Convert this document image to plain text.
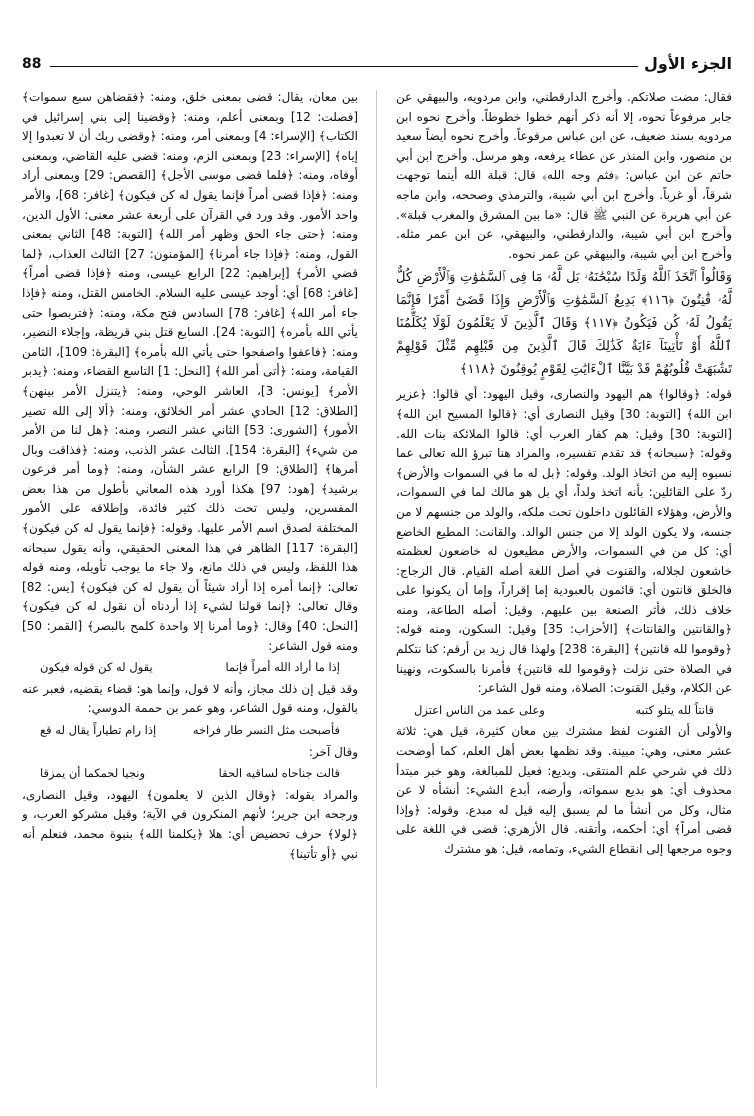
88	الجزء الأول

فقال: مضت صلاتكم. وأخرج الدارقطني، وابن مردويه، والبيهقي عن جابر مرفوعاً نحوه، إلا أنه ذكر أنهم خطوا خطوطاً. وأخرج نحوه ابن مردويه بسند ضعيف، عن ابن عباس مرفوعاً. وأخرج نحوه أيضاً سعيد بن منصور، وابن المنذر عن عطاء يرفعه، وهو مرسل. وأخرج ابن أبي حاتم عن ابن عباس: ﴿فثم وجه الله﴾ قال: قبلة الله أينما توجهت شرقاً، أو غرباً. وأخرج ابن أبي شيبة، والترمذي وصححه، وابن ماجه عن أبي هريرة عن النبي ﷺ قال: «ما بين المشرق والمغرب قبلة». وأخرج ابن أبي شيبة، والدارقطني، والبيهقي، عن ابن عمر مثله. وأخرج ابن أبي شيبة، والبيهقي عن عمر نحوه.

وَقَالُواْ ٱتَّخَذَ ٱللَّهُ وَلَدًا سُبْحَٰنَهُۥ بَل لَّهُۥ مَا فِى ٱلسَّمَٰوَٰتِ وَٱلْأَرْضِ كُلٌّ لَّهُۥ قَٰنِتُونَ ﴿١١٦﴾ بَدِيعُ ٱلسَّمَٰوَٰتِ وَٱلْأَرْضِ وَإِذَا قَضَىٰٓ أَمْرًا فَإِنَّمَا يَقُولُ لَهُۥ كُن فَيَكُونُ ﴿١١٧﴾ وَقَالَ ٱلَّذِينَ لَا يَعْلَمُونَ لَوْلَا يُكَلِّمُنَا ٱللَّهُ أَوْ تَأْتِينَآ ءَايَةٌ كَذَٰلِكَ قَالَ ٱلَّذِينَ مِن قَبْلِهِم مِّثْلَ قَوْلِهِمْ تَشَٰبَهَتْ قُلُوبُهُمْ قَدْ بَيَّنَّا ٱلْءَايَٰتِ لِقَوْمٍ يُوقِنُونَ ﴿١١٨﴾

قوله: ﴿وقالوا﴾ هم اليهود والنصارى، وقيل اليهود: أي قالوا: ﴿عزير ابن الله﴾ [التوبة: 30] وقيل النصارى أي: ﴿قالوا المسيح ابن الله﴾ [التوبة: 30] وقيل: هم كفار العرب أي: قالوا الملائكة بنات الله. وقوله: ﴿سبحانه﴾ قد تقدم تفسيره، والمراد هنا تبرؤ الله تعالى عما نسبوه إليه من اتخاذ الولد. وقوله: ﴿بل له ما في السموات والأرض﴾ ردّ على القائلين: بأنه اتخذ ولداً، أي بل هو مالك لما في السموات، والأرض، وهؤلاء القائلون داخلون تحت ملكه، والولد من جنسهم لا من جنسه، ولا يكون الولد إلا من جنس الوالد. والقانت: المطيع الخاضع أي: كل من في السموات، والأرض مطيعون له خاضعون لعظمته خاشعون لجلاله، والقنوت في أصل اللغة أصله القيام. قال الزجاج: فالخلق قانتون أي: قائمون بالعبودية إما إقراراً، وإما أن يكونوا على خلاف ذلك، فأثر الصنعة بين عليهم. وقيل: أصله الطاعة، ومنه ﴿والقانتين والقانتات﴾ [الأحزاب: 35] وقيل: السكون، ومنه قوله: ﴿وقوموا لله قانتين﴾ [البقرة: 238] ولهذا قال زيد بن أرقم: كنا نتكلم في الصلاة حتى نزلت ﴿وقوموا لله قانتين﴾ فأمرنا بالسكوت، ونهينا عن الكلام، وقيل القنوت: الصلاة، ومنه قول الشاعر:

قانتاً لله يتلو كتبه
وعلى عمد من الناس اعتزل

والأولى أن القنوت لفظ مشترك بين معان كثيرة، قيل هي: ثلاثة عشر معنى، وهي: مبينة. وقد نظمها بعض أهل العلم، كما أوضحت ذلك في شرحي علم المنتقى. وبديع: فعيل للمبالغة، وهو خبر مبتدأ محذوف أي: هو بديع سمواته، وأرضه، أبدع الشيء: أنشأه لا عن مثال، وكل من أنشأ ما لم يسبق إليه قيل له مبدع. وقوله: ﴿وإذا قضى أمراً﴾ أي: أحكمه، وأتقنه. قال الأزهري: قضى في اللغة على وجوه مرجعها إلى انقطاع الشيء، وتمامه، قيل: هو مشترك

بين معان، يقال: قضى بمعنى خلق، ومنه: ﴿فقضاهن سبع سموات﴾ [فصلت: 12] وبمعنى أعلم، ومنه: ﴿وقضينا إلى بني إسرائيل في الكتاب﴾ [الإسراء: 4] وبمعنى أمر، ومنه: ﴿وقضى ربك أن لا تعبدوا إلا إياه﴾ [الإسراء: 23] وبمعنى الزم، ومنه: قضى عليه القاضي، وبمعنى أوفاه، ومنه: ﴿فلما قضى موسى الأجل﴾ [القصص: 29] وبمعنى أراد ومنه: ﴿فإذا قضى أمراً فإنما يقول له كن فيكون﴾ [غافر: 68]، والأمر واحد الأمور. وقد ورد في القرآن على أربعة عشر معنى: الأول الدين، ومنه: ﴿حتى جاء الحق وظهر أمر الله﴾ [التوبة: 48] الثاني بمعنى القول، ومنه: ﴿فإذا جاء أمرنا﴾ [المؤمنون: 27] الثالث العذاب، ﴿لما قضي الأمر﴾ [إبراهيم: 22] الرابع عيسى، ومنه ﴿فإذا قضى أمراً﴾ [غافر: 68] أي: أوجد عيسى عليه السلام. الخامس القتل، ومنه ﴿فإذا جاء أمر الله﴾ [غافر: 78] السادس فتح مكة، ومنه: ﴿فتربصوا حتى يأتي الله بأمره﴾ [التوبة: 24]. السابع قتل بني قريظة، وإجلاء النضير، ومنه: ﴿فاعفوا واصفحوا حتى يأتي الله بأمره﴾ [البقرة: 109]، الثامن القيامة، ومنه: ﴿أتى أمر الله﴾ [النحل: 1] التاسع القضاء، ومنه: ﴿يدبر الأمر﴾ [يونس: 3]، العاشر الوحي، ومنه: ﴿يتنزل الأمر بينهن﴾ [الطلاق: 12] الحادي عشر أمر الخلائق، ومنه: ﴿ألا إلى الله تصير الأمور﴾ [الشورى: 53] الثاني عشر النصر، ومنه: ﴿هل لنا من الأمر من شيء﴾ [البقرة: 154]. الثالث عشر الذنب، ومنه: ﴿فذاقت وبال أمرها﴾ [الطلاق: 9] الرابع عشر الشأن، ومنه: ﴿وما أمر فرعون برشيد﴾ [هود: 97] هكذا أورد هذه المعاني بأطول من هذا بعض المفسرين، وليس تحت ذلك كثير فائدة، وإطلاقه على الأمور المختلفة لصدق اسم الأمر عليها. وقوله: ﴿فإنما يقول له كن فيكون﴾ [البقرة: 117] الظاهر في هذا المعنى الحقيقي، وأنه يقول سبحانه هذا اللفظ، وليس في ذلك مانع، ولا جاء ما يوجب تأويله، ومنه قوله تعالى: ﴿إنما أمره إذا أراد شيئاً أن يقول له كن فيكون﴾ [يس: 82] وقال تعالى: ﴿إنما قولنا لشيء إذا أردناه أن نقول له كن فيكون﴾ [النحل: 40] وقال: ﴿وما أمرنا إلا واحدة كلمح بالبصر﴾ [القمر: 50] ومنه قول الشاعر:

إذا ما أراد الله أمراً فإنما
يقول له كن قوله فيكون

وقد قيل إن ذلك مجاز، وأنه لا قول، وإنما هو: قضاء يقضيه، فعبر عنه بالقول، ومنه قول الشاعر، وهو عمر بن حممة الدوسي:

فأصبحت مثل النسر طار فراخه
إذا رام تطياراً يقال له قع

وقال آخر:

قالت جناحاه لساقيه الحقا
ونجيا لحمكما أن يمزقا

والمراد بقوله: ﴿وقال الذين لا يعلمون﴾ اليهود، وقيل النصارى، ورجحه ابن جرير؛ لأنهم المنكرون في الآية؛ وقيل مشركو العرب، و ﴿لولا﴾ حرف تحضيض أي: هلا ﴿يكلمنا الله﴾ بنبوة محمد، فنعلم أنه نبي ﴿أو تأتينا﴾
